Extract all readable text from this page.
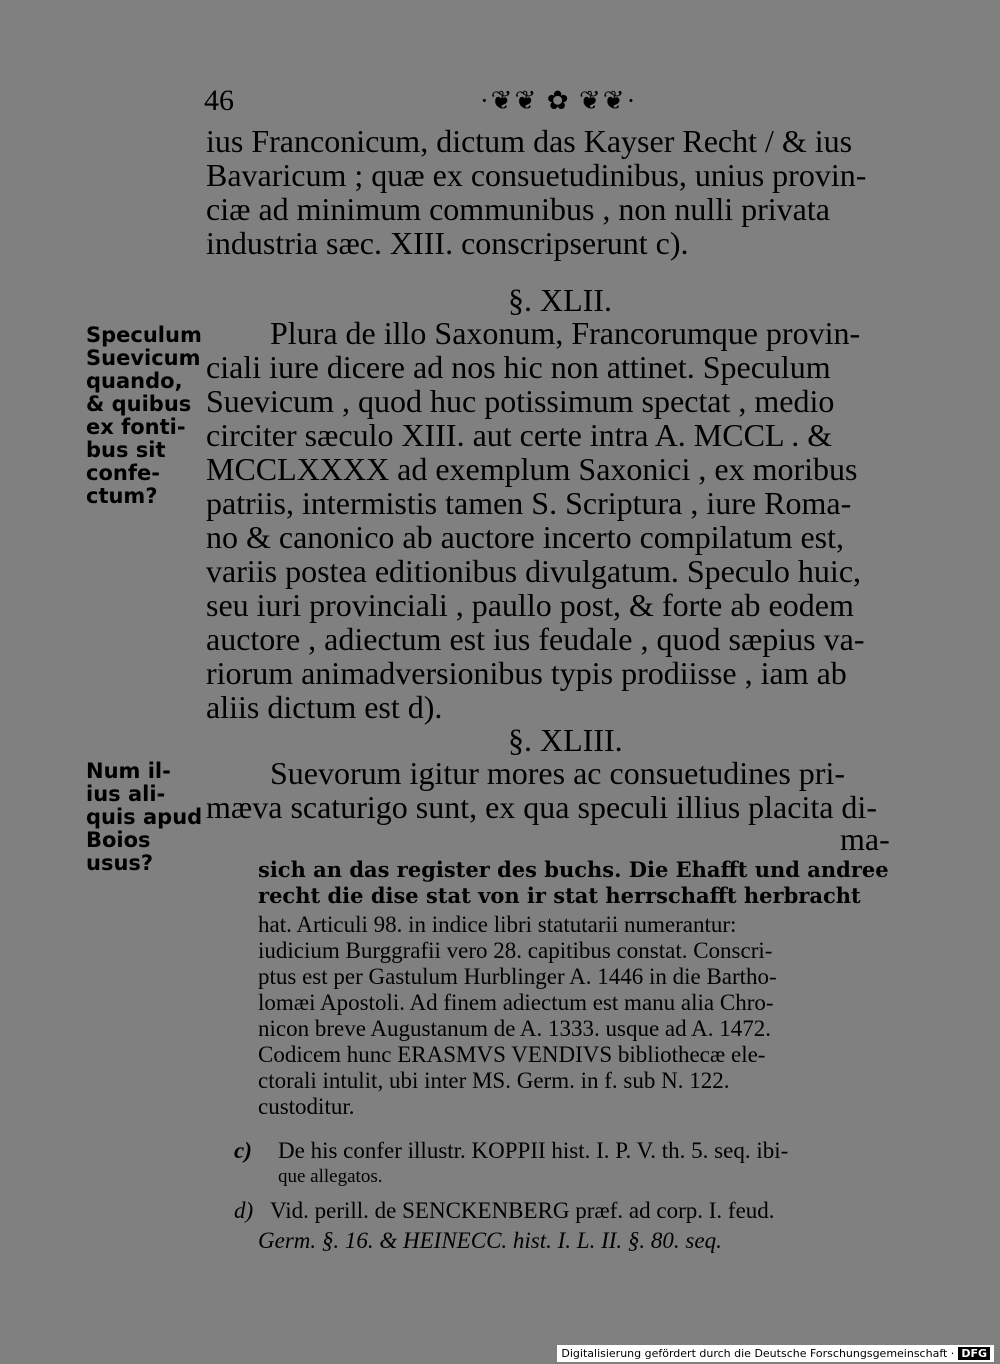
46	·❦❦ ✿ ❦❦·
ius Franconicum, dictum das Kayser Recht / & ius
Bavaricum ; quæ ex consuetudinibus, unius provin-
ciæ ad minimum communibus , non nulli privata
industria sæc. XIII. conscripserunt c).
§. XLII.
Speculum
Suevicum
quando,
& quibus
ex fonti-
bus sit
confe-
ctum?
Plura de illo Saxonum, Francorumque provin-
ciali iure dicere ad nos hic non attinet. Speculum
Suevicum , quod huc potissimum spectat , medio
circiter sæculo XIII. aut certe intra A. MCCL . &
MCCLXXXX ad exemplum Saxonici , ex moribus
patriis, intermistis tamen S. Scriptura , iure Roma-
no & canonico ab auctore incerto compilatum est,
variis postea editionibus divulgatum. Speculo huic,
seu iuri provinciali , paullo post, & forte ab eodem
auctore , adiectum est ius feudale , quod sæpius va-
riorum animadversionibus typis prodiisse , iam ab
aliis dictum est d).
§. XLIII.
Num il-
ius ali-
quis apud
Boios
usus?
Suevorum igitur mores ac consuetudines pri-
mæva scaturigo sunt, ex qua speculi illius placita di-
ma-
sich an das register des buchs. Die Ehafft und andree
recht die dise stat von ir stat herrschafft herbracht
hat. Articuli 98. in indice libri statutarii numerantur:
iudicium Burggrafii vero 28. capitibus constat. Conscri-
ptus est per Gastulum Hurblinger A. 1446 in die Bartho-
lomæi Apostoli. Ad finem adiectum est manu alia Chro-
nicon breve Augustanum de A. 1333. usque ad A. 1472.
Codicem hunc ERASMVS VENDIVS bibliothecæ ele-
ctorali intulit, ubi inter MS. Germ. in f. sub N. 122.
custoditur.
c) De his confer illustr. KOPPII hist. I. P. V. th. 5. seq. ibi-
que allegatos.
d) Vid. perill. de SENCKENBERG præf. ad corp. I. feud.
Germ. §. 16. & HEINECC. hist. I. L. II. §. 80. seq.
Digitalisierung gefördert durch die Deutsche Forschungsgemeinschaft · DFG
